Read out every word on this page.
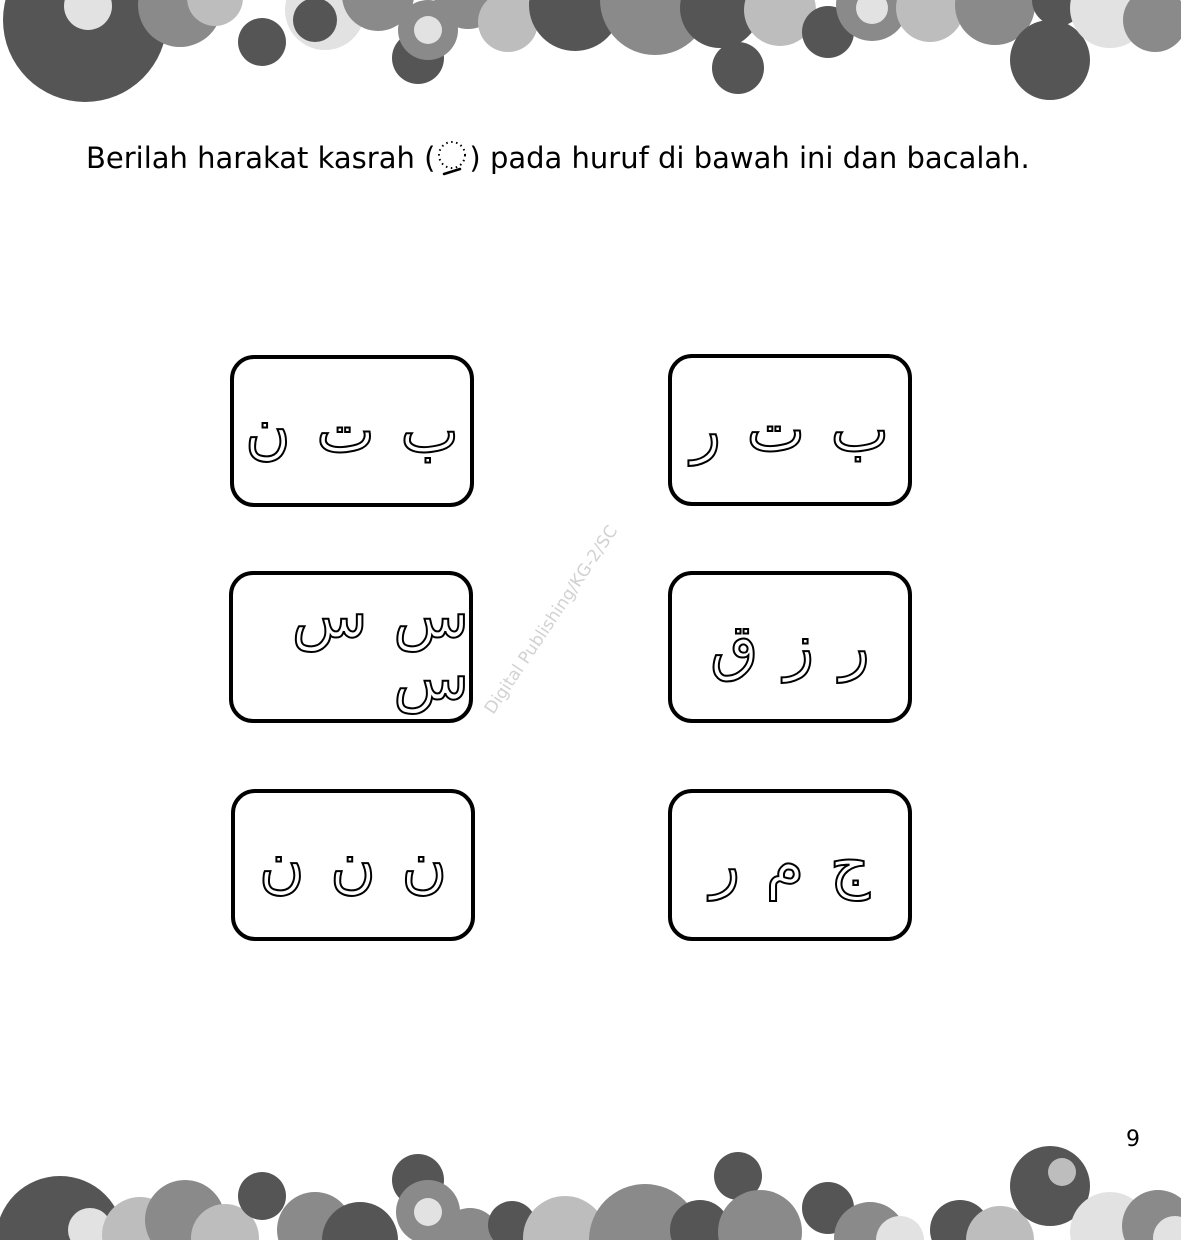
Berilah harakat kasrah ( ) pada huruf di bawah ini dan bacalah.
Digital Publishing/KG-2/SC
ب ت ن	ب ت ر
س س س	ر ز ق
ن ن ن	ج م ر
9
